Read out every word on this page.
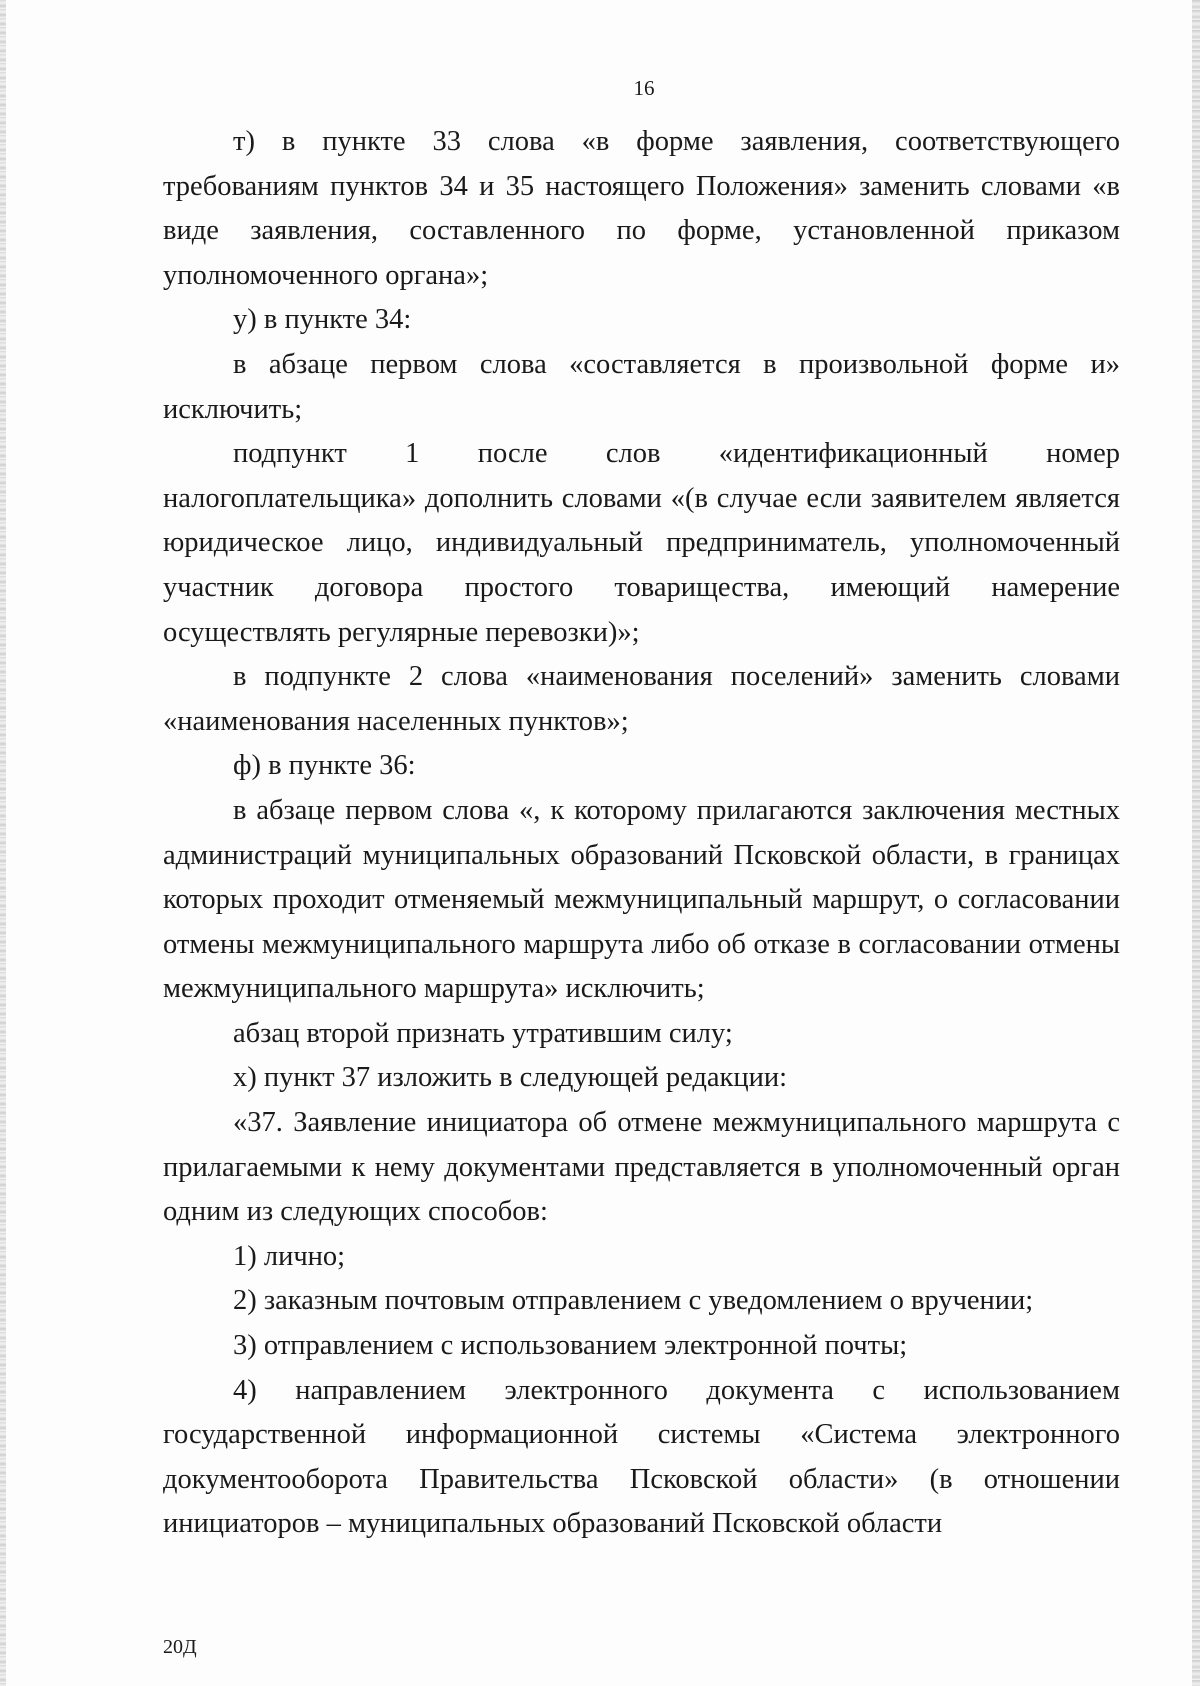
16

т) в пункте 33 слова «в форме заявления, соответствующего требованиям пунктов 34 и 35 настоящего Положения» заменить словами «в виде заявления, составленного по форме, установленной приказом уполномоченного органа»;

у) в пункте 34:

в абзаце первом слова «составляется в произвольной форме и» исключить;

подпункт 1 после слов «идентификационный номер налогоплательщика» дополнить словами «(в случае если заявителем является юридическое лицо, индивидуальный предприниматель, уполномоченный участник договора простого товарищества, имеющий намерение осуществлять регулярные перевозки)»;

в подпункте 2 слова «наименования поселений» заменить словами «наименования населенных пунктов»;

ф) в пункте 36:

в абзаце первом слова «, к которому прилагаются заключения местных администраций муниципальных образований Псковской области, в границах которых проходит отменяемый межмуниципальный маршрут, о согласовании отмены межмуниципального маршрута либо об отказе в согласовании отмены межмуниципального маршрута» исключить;

абзац второй признать утратившим силу;

х) пункт 37 изложить в следующей редакции:

«37. Заявление инициатора об отмене межмуниципального маршрута с прилагаемыми к нему документами представляется в уполномоченный орган одним из следующих способов:

1) лично;

2) заказным почтовым отправлением с уведомлением о вручении;

3) отправлением с использованием электронной почты;

4) направлением электронного документа с использованием государственной информационной системы «Система электронного документооборота Правительства Псковской области» (в отношении инициаторов – муниципальных образований Псковской области

20Д
